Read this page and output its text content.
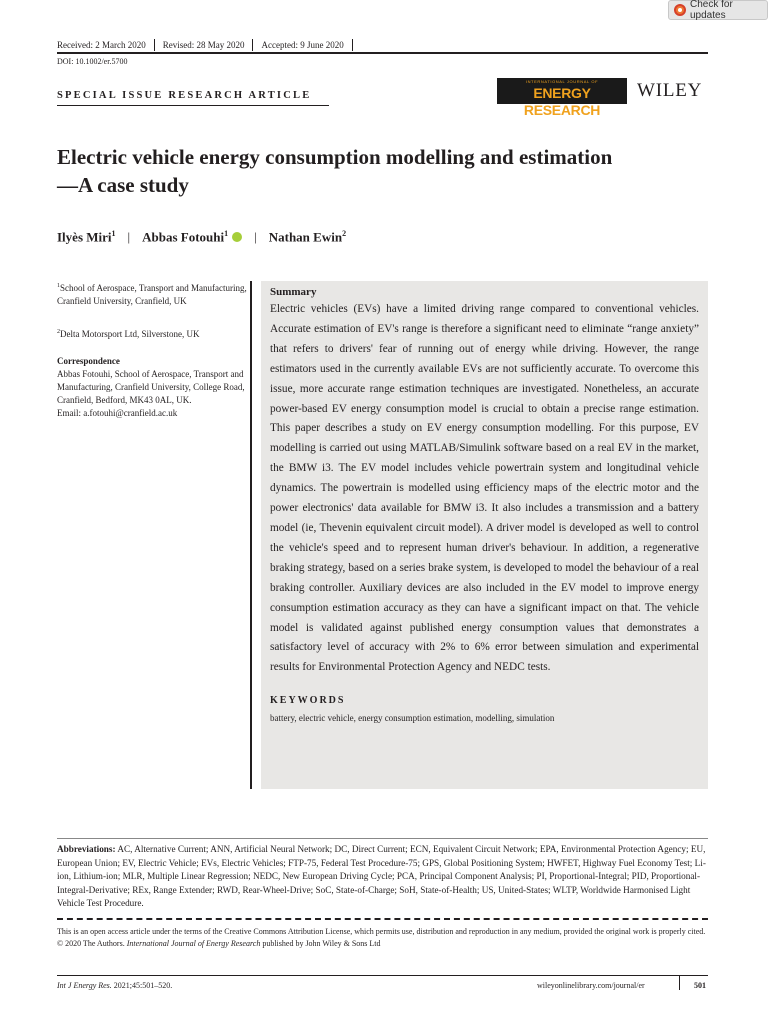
Check for updates
Received: 2 March 2020	Revised: 28 May 2020	Accepted: 9 June 2020
DOI: 10.1002/er.5700
SPECIAL ISSUE RESEARCH ARTICLE
INTERNATIONAL JOURNAL OF
ENERGY RESEARCH
WILEY
Electric vehicle energy consumption modelling and estimation—A case study
Ilyès Miri$^1$ | Abbas Fotouhi$^1$ | Nathan Ewin$^2$
$^1$School of Aerospace, Transport and Manufacturing, Cranfield University, Cranfield, UK
$^2$Delta Motorsport Ltd, Silverstone, UK
Correspondence
Abbas Fotouhi, School of Aerospace, Transport and Manufacturing, Cranfield University, College Road, Cranfield, Bedford, MK43 0AL, UK.
Email: a.fotouhi@cranfield.ac.uk
Summary

Electric vehicles (EVs) have a limited driving range compared to conventional vehicles. Accurate estimation of EV's range is therefore a significant need to eliminate “range anxiety” that refers to drivers' fear of running out of energy while driving. However, the range estimators used in the currently available EVs are not sufficiently accurate. To overcome this issue, more accurate range estimation techniques are investigated. Nonetheless, an accurate power-based EV energy consumption model is crucial to obtain a precise range estimation. This paper describes a study on EV energy consumption modelling. For this purpose, EV modelling is carried out using MATLAB/Simulink software based on a real EV in the market, the BMW i3. The EV model includes vehicle powertrain system and longitudinal vehicle dynamics. The powertrain is modelled using efficiency maps of the electric motor and the power electronics' data available for BMW i3. It also includes a transmission and a battery model (ie, Thevenin equivalent circuit model). A driver model is developed as well to control the vehicle's speed and to represent human driver's behaviour. In addition, a regenerative braking strategy, based on a series brake system, is developed to model the behaviour of a real braking controller. Auxiliary devices are also included in the EV model to improve energy consumption estimation accuracy as they can have a significant impact on that. The vehicle model is validated against published energy consumption values that demonstrates a satisfactory level of accuracy with 2% to 6% error between simulation and experimental results for Environmental Protection Agency and NEDC tests.

KEYWORDS
battery, electric vehicle, energy consumption estimation, modelling, simulation
Abbreviations: AC, Alternative Current; ANN, Artificial Neural Network; DC, Direct Current; ECN, Equivalent Circuit Network; EPA, Environmental Protection Agency; EU, European Union; EV, Electric Vehicle; EVs, Electric Vehicles; FTP-75, Federal Test Procedure-75; GPS, Global Positioning System; HWFET, Highway Fuel Economy Test; Li-ion, Lithium-ion; MLR, Multiple Linear Regression; NEDC, New European Driving Cycle; PCA, Principal Component Analysis; PI, Proportional-Integral; PID, Proportional-Integral-Derivative; REx, Range Extender; RWD, Rear-Wheel-Drive; SoC, State-of-Charge; SoH, State-of-Health; US, United-States; WLTP, Worldwide Harmonised Light Vehicle Test Procedure.
This is an open access article under the terms of the Creative Commons Attribution License, which permits use, distribution and reproduction in any medium, provided the original work is properly cited.
© 2020 The Authors. International Journal of Energy Research published by John Wiley & Sons Ltd
Int J Energy Res. 2021;45:501–520.	wileyonlinelibrary.com/journal/er	501
